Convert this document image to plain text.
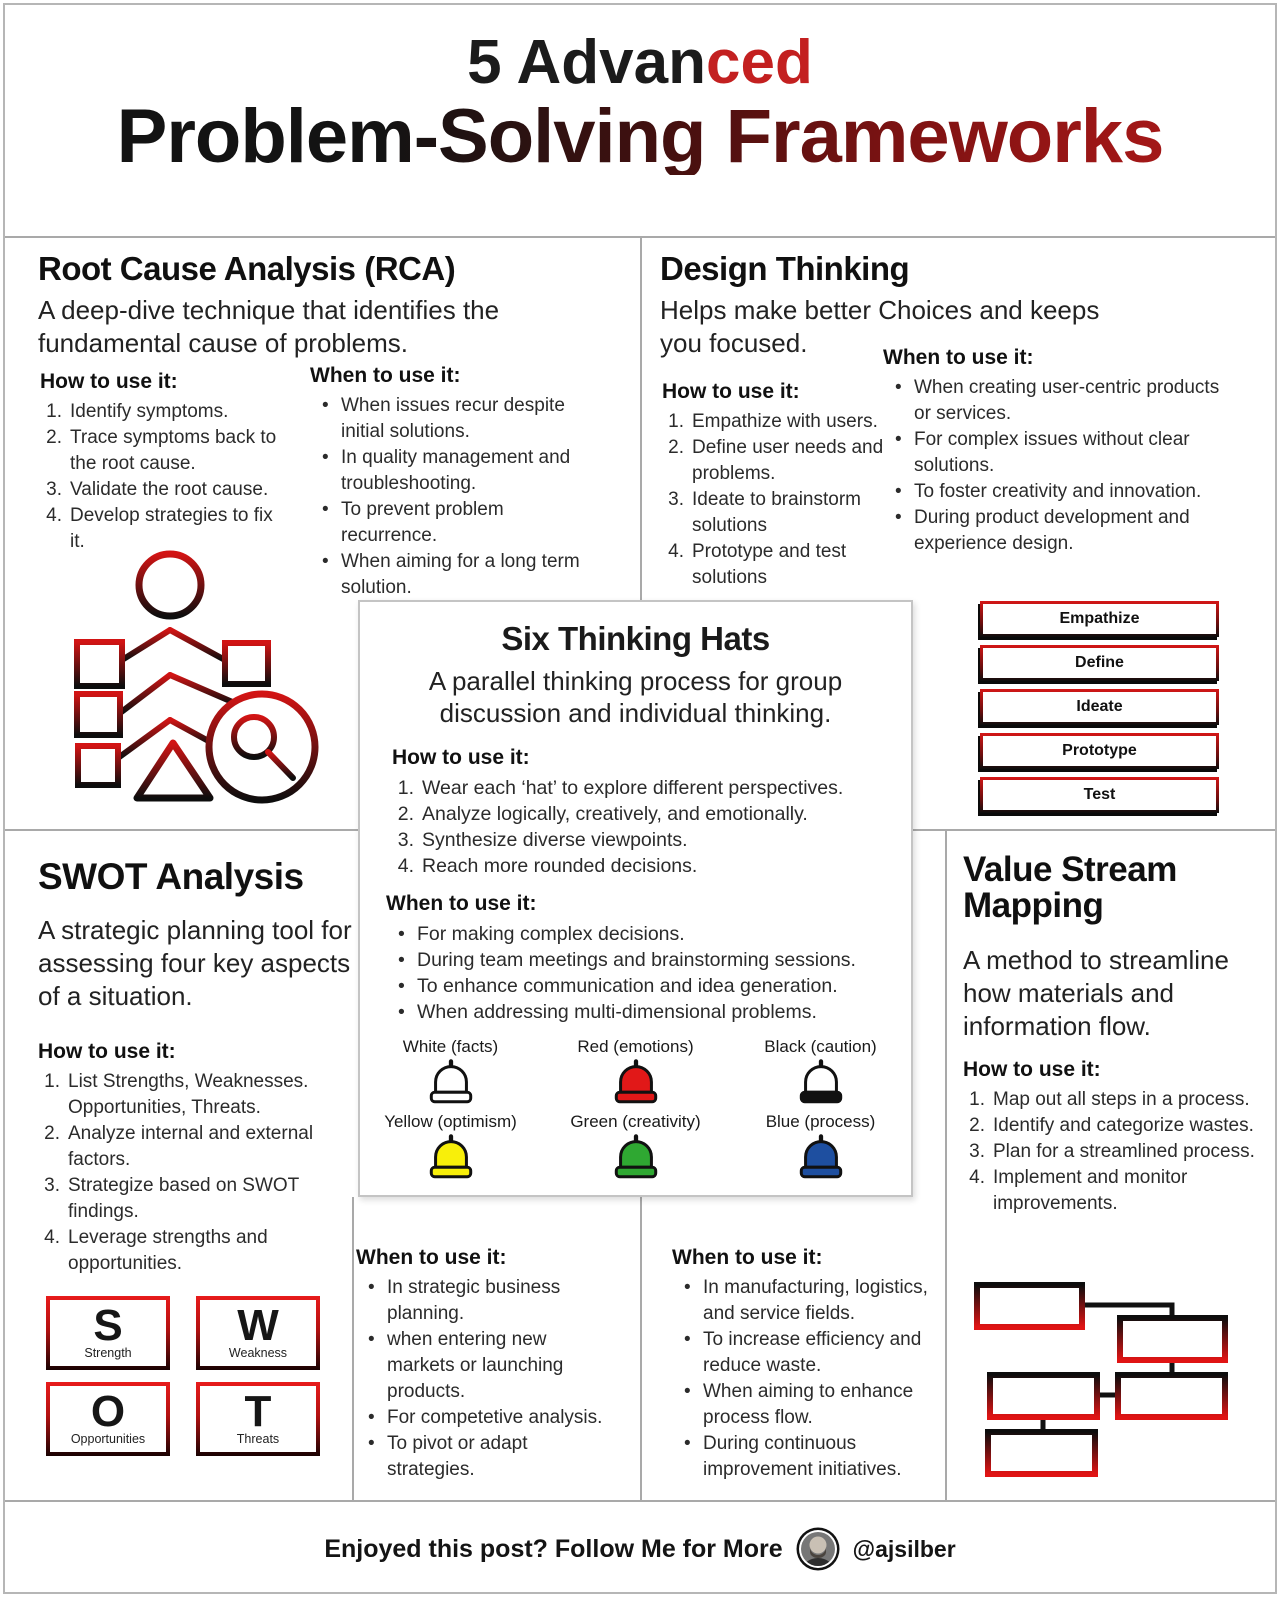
5 Advanced
Problem-Solving Frameworks
Root Cause Analysis (RCA)
A deep-dive technique that identifies the fundamental cause of problems.

How to use it:

Identify symptoms.
Trace symptoms back to the root cause.
Validate the root cause.
Develop strategies to fix it.

When to use it:

• When issues recur despite initial solutions.
• In quality management and troubleshooting.
• To prevent problem recurrence.
• When aiming for a long term solution.
Design Thinking
Helps make better Choices and keeps you focused.

How to use it:

Empathize with users.
Define user needs and problems.
Ideate to brainstorm solutions
Prototype and test solutions

When to use it:

• When creating user-centric products or services.
• For complex issues without clear solutions.
• To foster creativity and innovation.
• During product development and experience design.
Empathize
Define
Ideate
Prototype
Test
Six Thinking Hats
A parallel thinking process for group discussion and individual thinking.

How to use it:

Wear each ‘hat’ to explore different perspectives.
Analyze logically, creatively, and emotionally.
Synthesize diverse viewpoints.
Reach more rounded decisions.

When to use it:

• For making complex decisions.
• During team meetings and brainstorming sessions.
• To enhance communication and idea generation.
• When addressing multi-dimensional problems.
White (facts)	Red (emotions)	Black (caution)
Yellow (optimism)	Green (creativity)	Blue (process)
SWOT Analysis
A strategic planning tool for assessing four key aspects of a situation.

How to use it:

List Strengths, Weaknesses. Opportunities, Threats.
Analyze internal and external factors.
Strategize based on SWOT findings.
Leverage strengths and opportunities.
S
Strength
W
Weakness
O
Opportunities
T
Threats

When to use it:

• In strategic business planning.
• when entering new markets or launching products.
• For competetive analysis.
• To pivot or adapt strategies.
Value Stream Mapping
A method to streamline how materials and information flow.

How to use it:

Map out all steps in a process.
Identify and categorize wastes.
Plan for a streamlined process.
Implement and monitor improvements.

When to use it:

• In manufacturing, logistics, and service fields.
• To increase efficiency and reduce waste.
• When aiming to enhance process flow.
• During continuous improvement initiatives.
Enjoyed this post? Follow Me for More	@ajsilber
